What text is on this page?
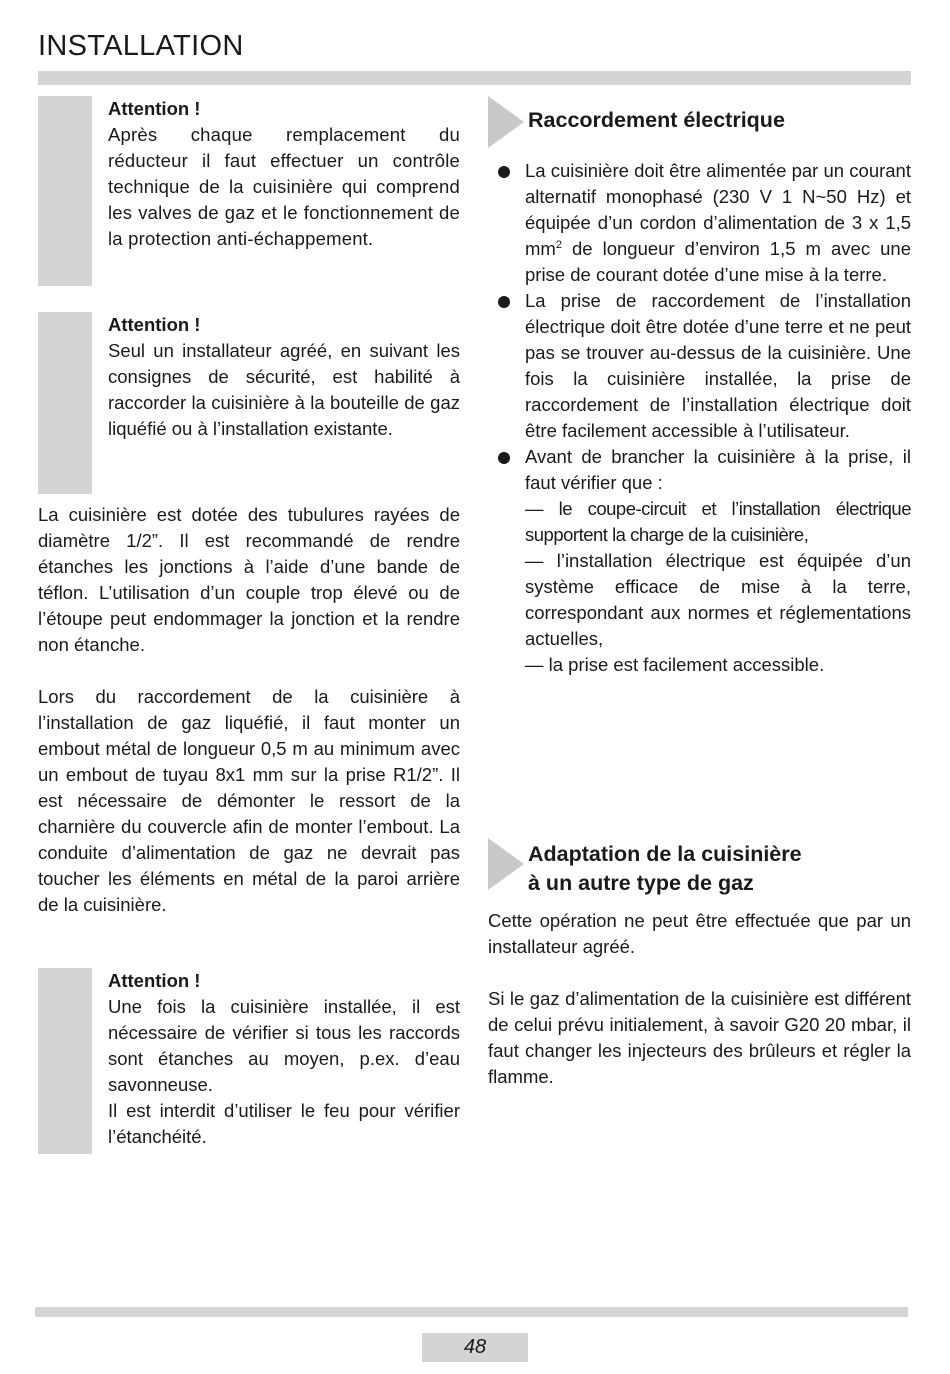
INSTALLATION
Attention !
Après chaque remplacement du réducteur il faut effectuer un contrôle technique de la cuisinière qui comprend les valves de gaz et le fonctionnement de la protection anti-échappement.
Attention !
Seul un installateur agréé, en suivant les consignes de sécurité, est habilité à raccorder la cuisinière à la bouteille de gaz liquéfié ou à l’installation existante.

La cuisinière est dotée des tubulures rayées de diamètre 1/2”. Il est recommandé de rendre étanches les jonctions à l’aide d’une bande de téflon. L’utilisation d’un couple trop élevé ou de l’étoupe peut endommager la jonction et la rendre non étanche.

Lors du raccordement de la cuisinière à l’installation de gaz liquéfié, il faut monter un embout métal de longueur 0,5 m au minimum avec un embout de tuyau 8x1 mm sur la prise R1/2”. Il est nécessaire de démonter le ressort de la charnière du couvercle afin de monter l’embout. La conduite d’alimentation de gaz ne devrait pas toucher les éléments en métal de la paroi arrière de la cuisinière.

Attention !
Une fois la cuisinière installée, il est nécessaire de vérifier si tous les raccords sont étanches au moyen, p.ex. d’eau savonneuse.
Il est interdit d’utiliser le feu pour vérifier l’étanchéité.
Raccordement électrique
La cuisinière doit être alimentée par un courant alternatif monophasé (230 V 1 N~50 Hz) et équipée d’un cordon d’alimentation de 3 x 1,5 $mm^2$ de longueur d’environ 1,5 m avec une prise de courant dotée d’une mise à la terre.
La prise de raccordement de l’installation électrique doit être dotée d’une terre et ne peut pas se trouver au-dessus de la cuisinière. Une fois la cuisinière installée, la prise de raccordement de l’installation électrique doit être facilement accessible à l’utilisateur.
Avant de brancher la cuisinière à la prise, il faut vérifier que :
— le coupe-circuit et l’installation électrique supportent la charge de la cuisinière,
— l’installation électrique est équipée d’un système efficace de mise à la terre, correspondant aux normes et réglementations actuelles,
— la prise est facilement accessible.
Adaptation de la cuisinière
à un autre type de gaz

Cette opération ne peut être effectuée que par un installateur agréé.

Si le gaz d’alimentation de la cuisinière est différent de celui prévu initialement, à savoir G20 20 mbar, il faut changer les injecteurs des brûleurs et régler la flamme.

48
